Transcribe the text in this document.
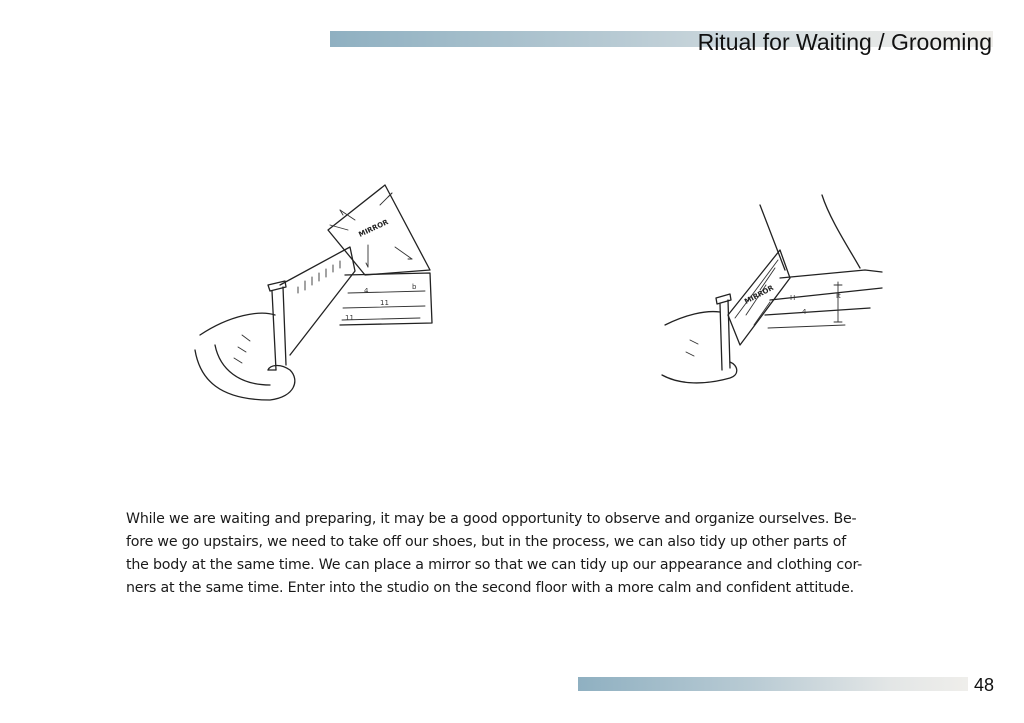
Ritual for Waiting / Grooming
MIRROR
4	b
11
11
H	lt
4
MIRROR

While we are waiting and preparing, it may be a good opportunity to observe and organize ourselves. Be-

fore we go upstairs, we need to take off our shoes, but in the process, we can also tidy up other parts of

the body at the same time. We can place a mirror so that we can tidy up our appearance and clothing cor-

ners at the same time. Enter into the studio on the second floor with a more calm and confident attitude.

48
